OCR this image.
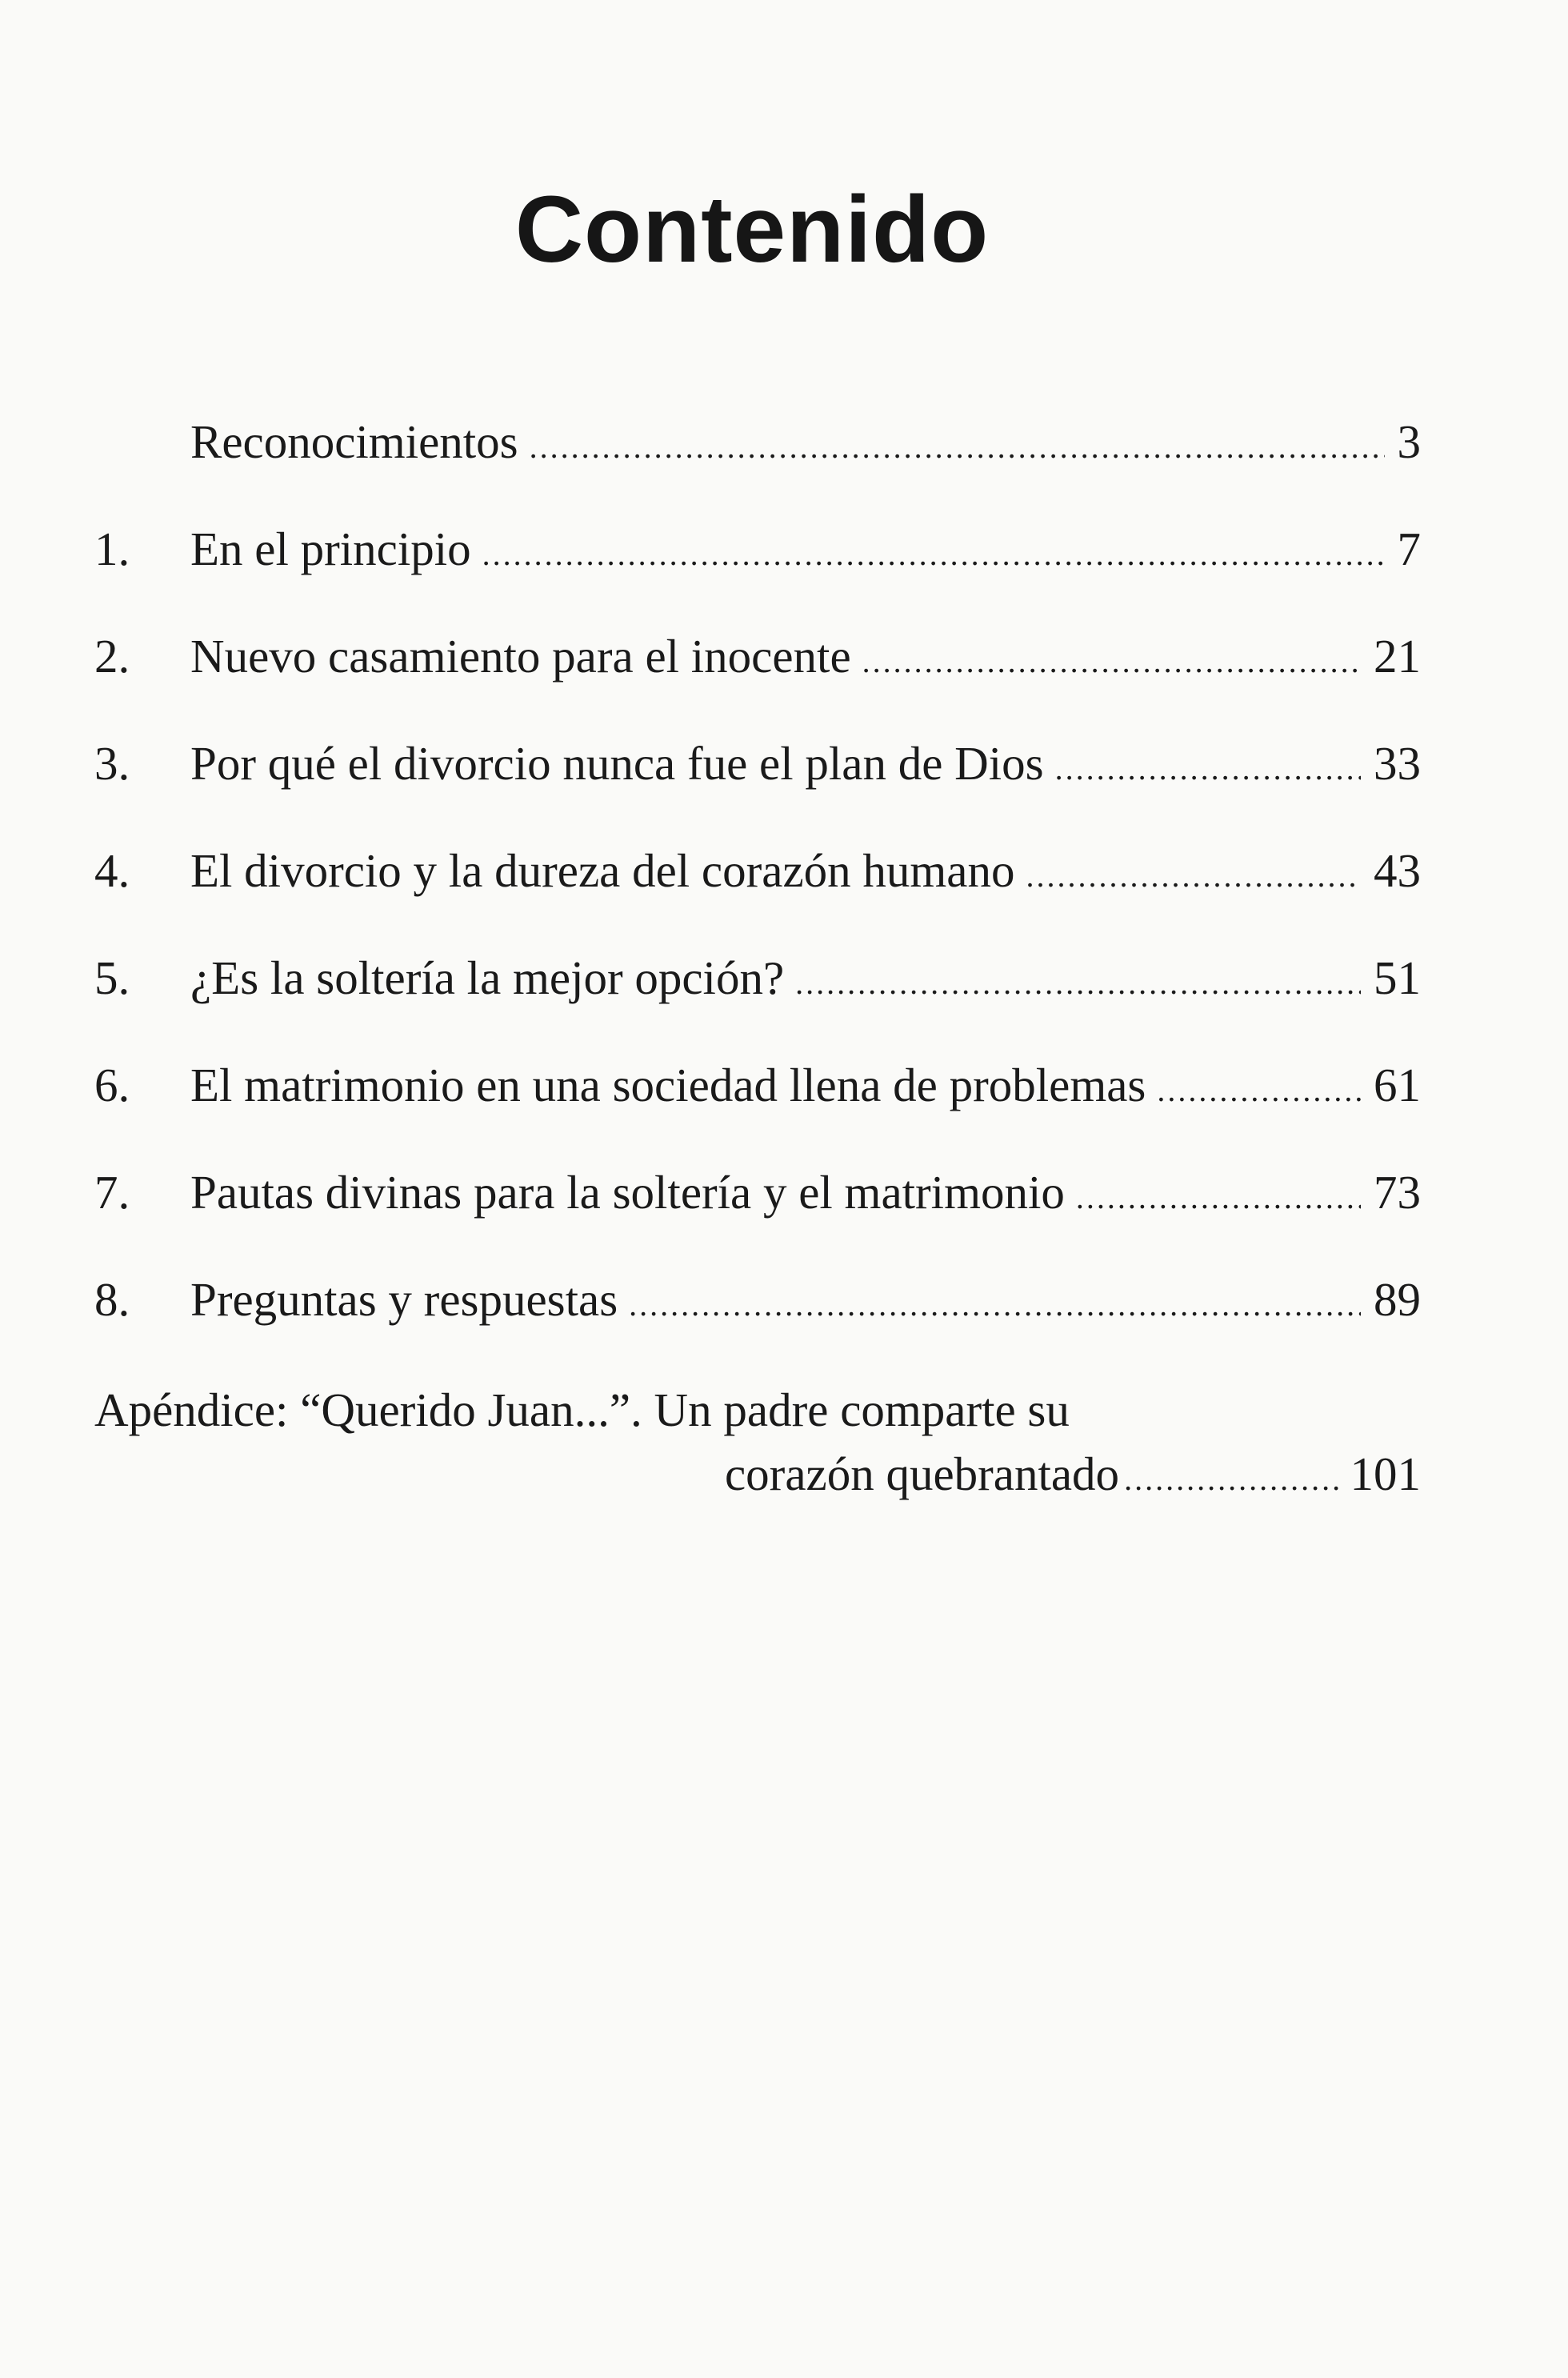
Contenido
Reconocimientos .....	3
1. En el principio .....	7
2. Nuevo casamiento para el inocente .....	21
3. Por qué el divorcio nunca fue el plan de Dios .....	33
4. El divorcio y la dureza del corazón humano .....	43
5. ¿Es la soltería la mejor opción? .....	51
6. El matrimonio en una sociedad llena de problemas .....	61
7. Pautas divinas para la soltería y el matrimonio .....	73
8. Preguntas y respuestas .....	89
Apéndice: “Querido Juan...”. Un padre comparte su
corazón quebrantado .....	101
